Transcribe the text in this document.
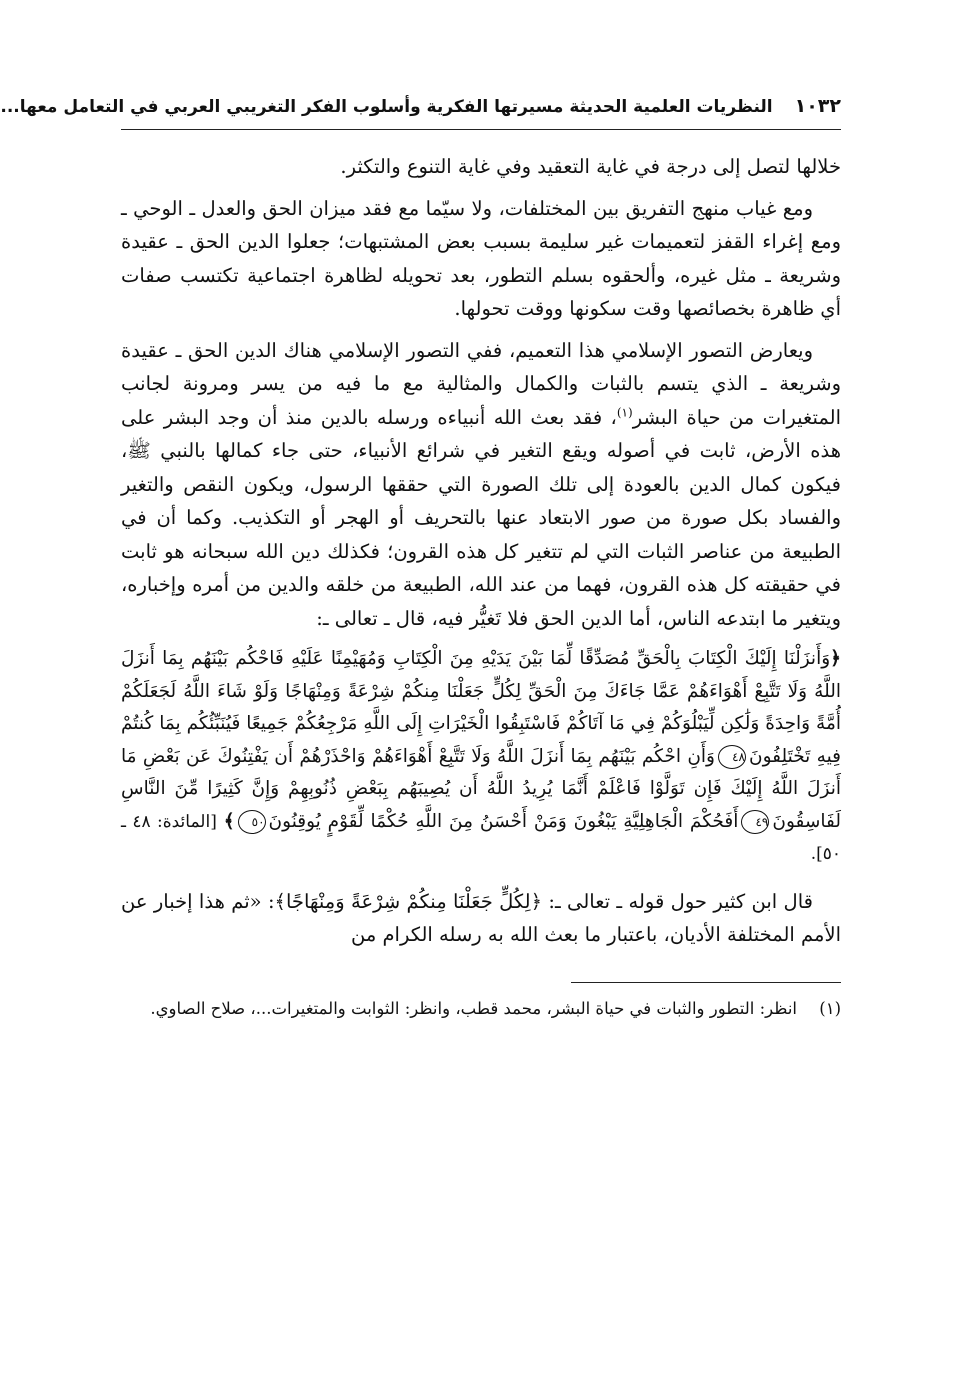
١٠٣٢
النظريات العلمية الحديثة مسيرتها الفكرية وأسلوب الفكر التغريبي العربي في التعامل معها...

خلالها لتصل إلى درجة في غاية التعقيد وفي غاية التنوع والتكثر.

ومع غياب منهج التفريق بين المختلفات، ولا سيّما مع فقد ميزان الحق والعدل ـ الوحي ـ ومع إغراء القفز لتعميمات غير سليمة بسبب بعض المشتبهات؛ جعلوا الدين الحق ـ عقيدة وشريعة ـ مثل غيره، وألحقوه بسلم التطور، بعد تحويله لظاهرة اجتماعية تكتسب صفات أي ظاهرة بخصائصها وقت سكونها ووقت تحولها.

ويعارض التصور الإسلامي هذا التعميم، ففي التصور الإسلامي هناك الدين الحق ـ عقيدة وشريعة ـ الذي يتسم بالثبات والكمال والمثالية مع ما فيه من يسر ومرونة لجانب المتغيرات من حياة البشر$^{(١)}$، فقد بعث الله أنبياءه ورسله بالدين منذ أن وجد البشر على هذه الأرض، ثابت في أصوله ويقع التغير في شرائع الأنبياء، حتى جاء كمالها بالنبي ﷺ، فيكون كمال الدين بالعودة إلى تلك الصورة التي حققها الرسول، ويكون النقص والتغير والفساد بكل صورة من صور الابتعاد عنها بالتحريف أو الهجر أو التكذيب. وكما أن في الطبيعة من عناصر الثبات التي لم تتغير كل هذه القرون؛ فكذلك دين الله سبحانه هو ثابت في حقيقته كل هذه القرون، فهما من عند الله، الطبيعة من خلقه والدين من أمره وإخباره، ويتغير ما ابتدعه الناس، أما الدين الحق فلا تَغيُّر فيه، قال ـ تعالى ـ:

﴿وَأَنزَلْنَا إِلَيْكَ الْكِتَابَ بِالْحَقِّ مُصَدِّقًا لِّمَا بَيْنَ يَدَيْهِ مِنَ الْكِتَابِ وَمُهَيْمِنًا عَلَيْهِ فَاحْكُم بَيْنَهُم بِمَا أَنزَلَ اللَّهُ وَلَا تَتَّبِعْ أَهْوَاءَهُمْ عَمَّا جَاءَكَ مِنَ الْحَقِّ لِكُلٍّ جَعَلْنَا مِنكُمْ شِرْعَةً وَمِنْهَاجًا وَلَوْ شَاءَ اللَّهُ لَجَعَلَكُمْ أُمَّةً وَاحِدَةً وَلَٰكِن لِّيَبْلُوَكُمْ فِي مَا آتَاكُمْ فَاسْتَبِقُوا الْخَيْرَاتِ إِلَى اللَّهِ مَرْجِعُكُمْ جَمِيعًا فَيُنَبِّئُكُم بِمَا كُنتُمْ فِيهِ تَخْتَلِفُونَ٤٨وَأَنِ احْكُم بَيْنَهُم بِمَا أَنزَلَ اللَّهُ وَلَا تَتَّبِعْ أَهْوَاءَهُمْ وَاحْذَرْهُمْ أَن يَفْتِنُوكَ عَن بَعْضِ مَا أَنزَلَ اللَّهُ إِلَيْكَ فَإِن تَوَلَّوْا فَاعْلَمْ أَنَّمَا يُرِيدُ اللَّهُ أَن يُصِيبَهُم بِبَعْضِ ذُنُوبِهِمْ وَإِنَّ كَثِيرًا مِّنَ النَّاسِ لَفَاسِقُونَ٤٩أَفَحُكْمَ الْجَاهِلِيَّةِ يَبْغُونَ وَمَنْ أَحْسَنُ مِنَ اللَّهِ حُكْمًا لِّقَوْمٍ يُوقِنُونَ٥٠﴾ [المائدة: ٤٨ ـ ٥٠].

قال ابن كثير حول قوله ـ تعالى ـ: ﴿لِكُلٍّ جَعَلْنَا مِنكُمْ شِرْعَةً وَمِنْهَاجًا﴾: «ثم هذا إخبار عن الأمم المختلفة الأديان، باعتبار ما بعث الله به رسله الكرام من

(١)
انظر: التطور والثبات في حياة البشر، محمد قطب، وانظر: الثوابت والمتغيرات...، صلاح الصاوي.
